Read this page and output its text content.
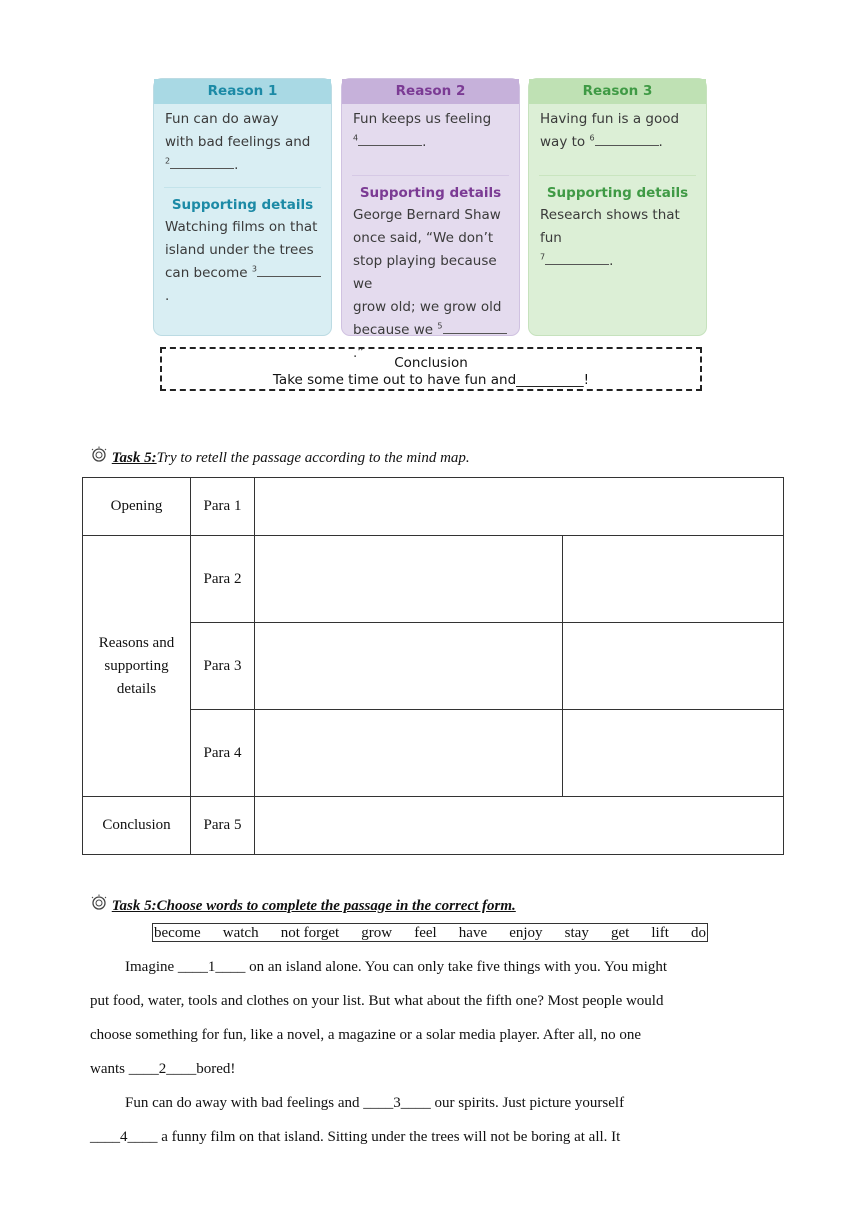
Reason 1
Fun can do away
with bad feelings and
$^2$	.
Supporting details
Watching films on that
island under the trees
can become $^3$.
Reason 2
Fun keeps us feeling
$^4$	.
Supporting details
George Bernard Shaw
once said, “We don’t
stop playing because we
grow old; we grow old
because we $^5$.”
Reason 3
Having fun is a good
way to $^6$	.
Supporting details
Research shows that fun
$^7$	.
Conclusion
Take some time out to have fun and__________!
Task 5:Try to retell the passage according to the mind map.
Opening	Para 1		

Reasons and supporting details	Para 2		
	Para 3		
	Para 4		
Conclusion	Para 5		
Task 5:Choose words to complete the passage in the correct form.
become watch not forget grow feel have enjoy stay get lift do

Imagine ____1____ on an island alone. You can only take five things with you. You might

put food, water, tools and clothes on your list. But what about the fifth one? Most people would

choose something for fun, like a novel, a magazine or a solar media player. After all, no one

wants ____2____bored!

Fun can do away with bad feelings and ____3____ our spirits. Just picture yourself

____4____ a funny film on that island. Sitting under the trees will not be boring at all. It
